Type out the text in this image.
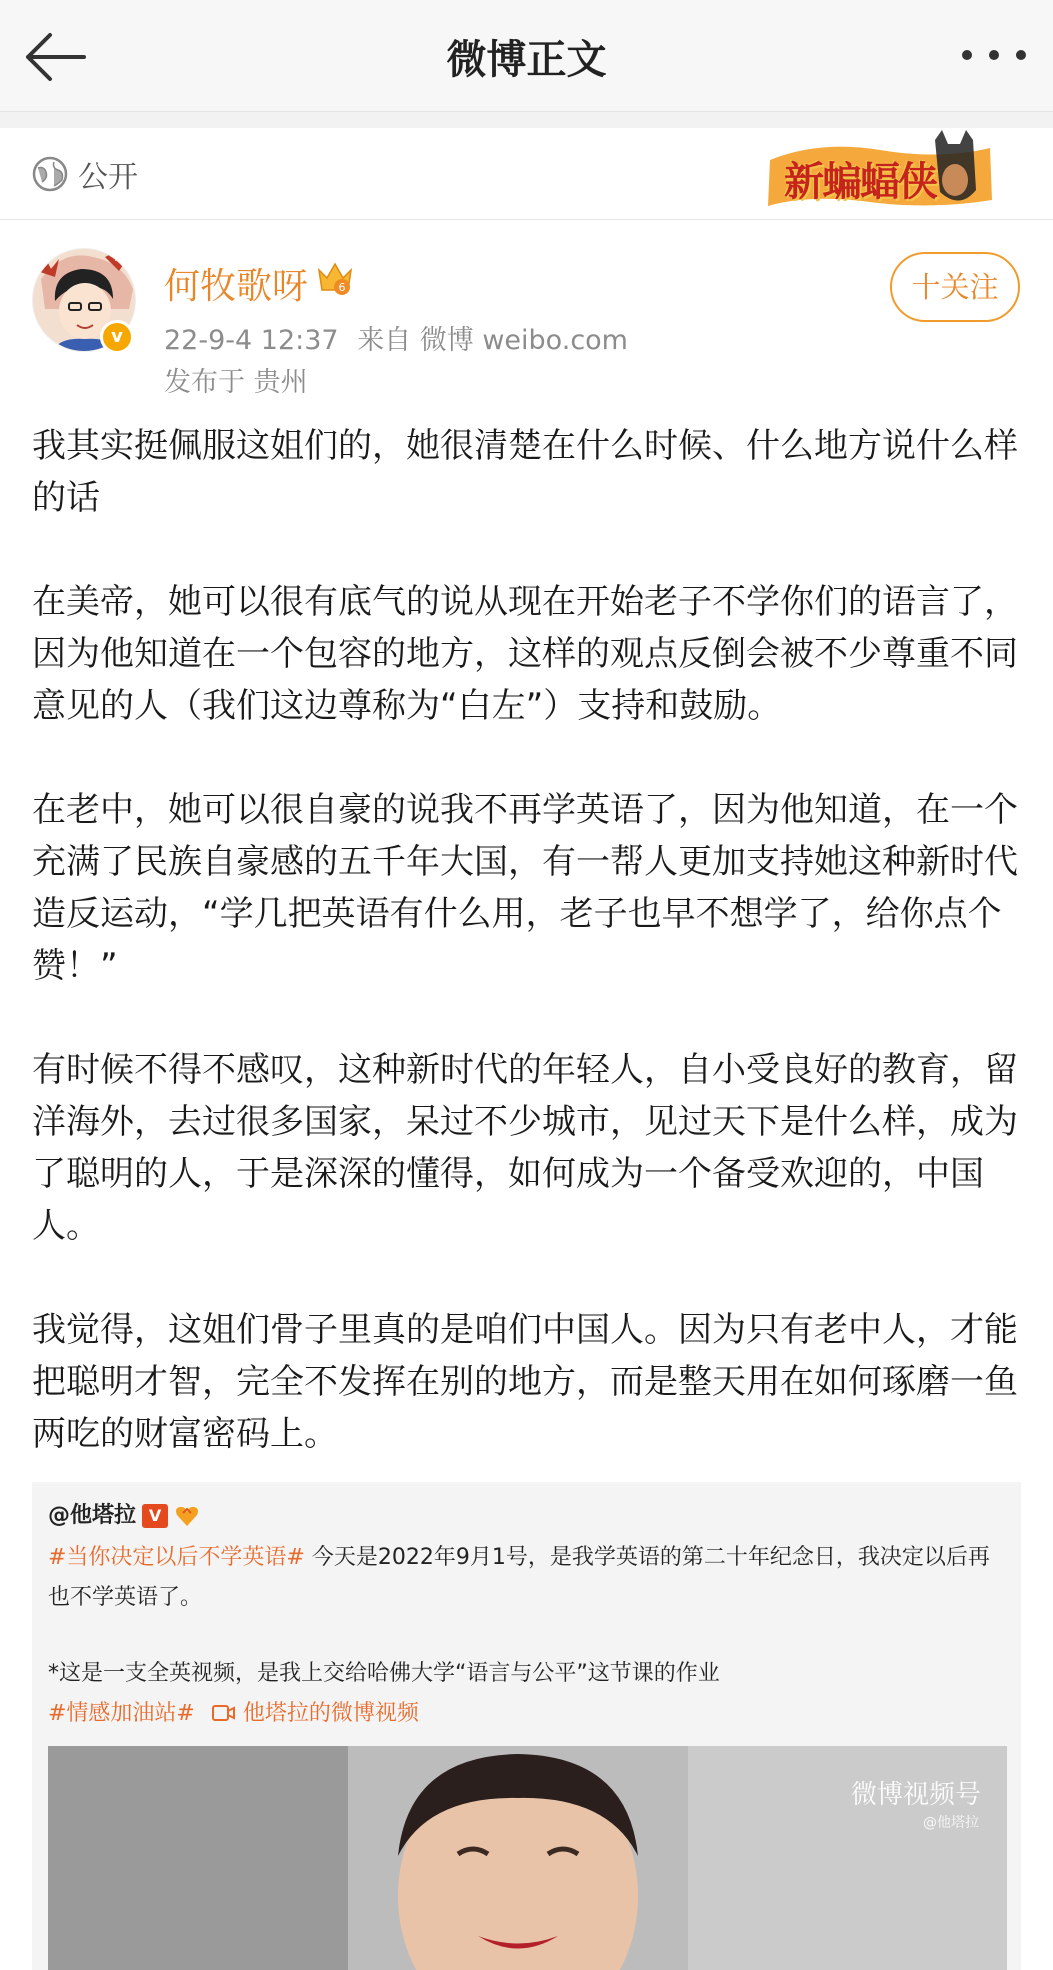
微博正文
公开	新蝙蝠侠
v
何牧歌呀	6
22-9-4 12:37 来自 微博 weibo.com
发布于 贵州
十关注

我其实挺佩服这姐们的，她很清楚在什么时候、什么地方说什么样的话

在美帝，她可以很有底气的说从现在开始老子不学你们的语言了，因为他知道在一个包容的地方，这样的观点反倒会被不少尊重不同意见的人（我们这边尊称为“白左”）支持和鼓励。

在老中，她可以很自豪的说我不再学英语了，因为他知道，在一个充满了民族自豪感的五千年大国，有一帮人更加支持她这种新时代造反运动，“学几把英语有什么用，老子也早不想学了，给你点个赞！”

有时候不得不感叹，这种新时代的年轻人，自小受良好的教育，留洋海外，去过很多国家，呆过不少城市，见过天下是什么样，成为了聪明的人，于是深深的懂得，如何成为一个备受欢迎的，中国人。

我觉得，这姐们骨子里真的是咱们中国人。因为只有老中人，才能把聪明才智，完全不发挥在别的地方，而是整天用在如何琢磨一鱼两吃的财富密码上。

@他塔拉 V
#当你决定以后不学英语# 今天是2022年9月1号，是我学英语的第二十年纪念日，我决定以后再也不学英语了。
*这是一支全英视频，是我上交给哈佛大学“语言与公平”这节课的作业
#情感加油站# 他塔拉的微博视频
微博视频号
@他塔拉
